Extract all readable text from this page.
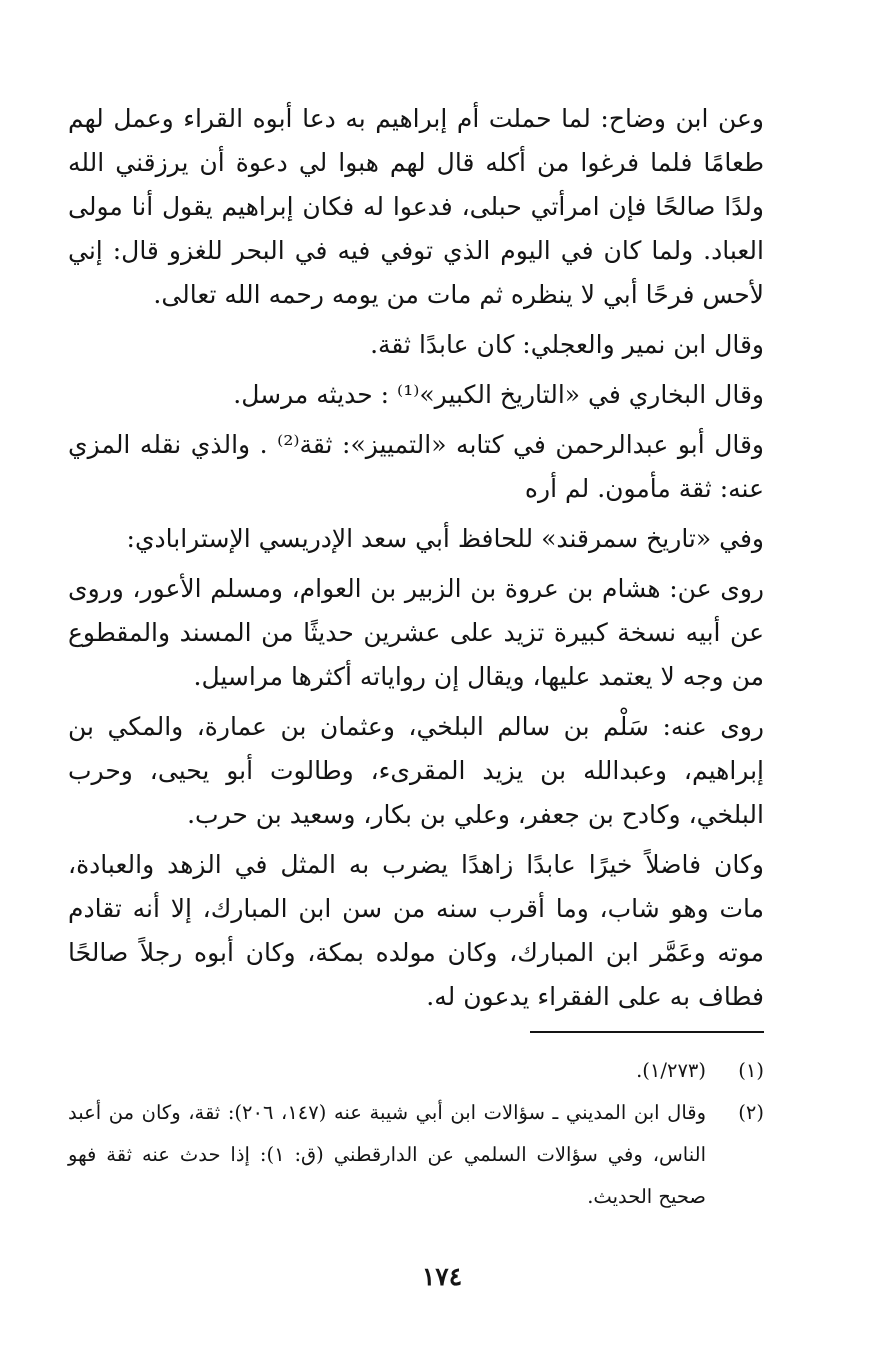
وعن ابن وضاح: لما حملت أم إبراهيم به دعا أبوه القراء وعمل لهم طعامًا فلما فرغوا من أكله قال لهم هبوا لي دعوة أن يرزقني الله ولدًا صالحًا فإن امرأتي حبلى، فدعوا له فكان إبراهيم يقول أنا مولى العباد. ولما كان في اليوم الذي توفي فيه في البحر للغزو قال: إني لأحس فرحًا أبي لا ينظره ثم مات من يومه رحمه الله تعالى.

وقال ابن نمير والعجلي: كان عابدًا ثقة.

وقال البخاري في «التاريخ الكبير»⁽¹⁾ : حديثه مرسل.

وقال أبو عبدالرحمن في كتابه «التمييز»: ثقة⁽²⁾ . والذي نقله المزي عنه: ثقة مأمون. لم أره

وفي «تاريخ سمرقند» للحافظ أبي سعد الإدريسي الإسترابادي:

روى عن: هشام بن عروة بن الزبير بن العوام، ومسلم الأعور، وروى عن أبيه نسخة كبيرة تزيد على عشرين حديثًا من المسند والمقطوع من وجه لا يعتمد عليها، ويقال إن رواياته أكثرها مراسيل.

روى عنه: سَلْم بن سالم البلخي، وعثمان بن عمارة، والمكي بن إبراهيم، وعبدالله بن يزيد المقرىء، وطالوت أبو يحيى، وحرب البلخي، وكادح بن جعفر، وعلي بن بكار، وسعيد بن حرب.

وكان فاضلاً خيرًا عابدًا زاهدًا يضرب به المثل في الزهد والعبادة، مات وهو شاب، وما أقرب سنه من سن ابن المبارك، إلا أنه تقادم موته وعَمَّر ابن المبارك، وكان مولده بمكة، وكان أبوه رجلاً صالحًا فطاف به على الفقراء يدعون له.

(١)
(١/٢٧٣).
(٢)
وقال ابن المديني ـ سؤالات ابن أبي شيبة عنه (١٤٧، ٢٠٦): ثقة، وكان من أعبد الناس، وفي سؤالات السلمي عن الدارقطني (ق: ١): إذا حدث عنه ثقة فهو صحيح الحديث.
١٧٤
